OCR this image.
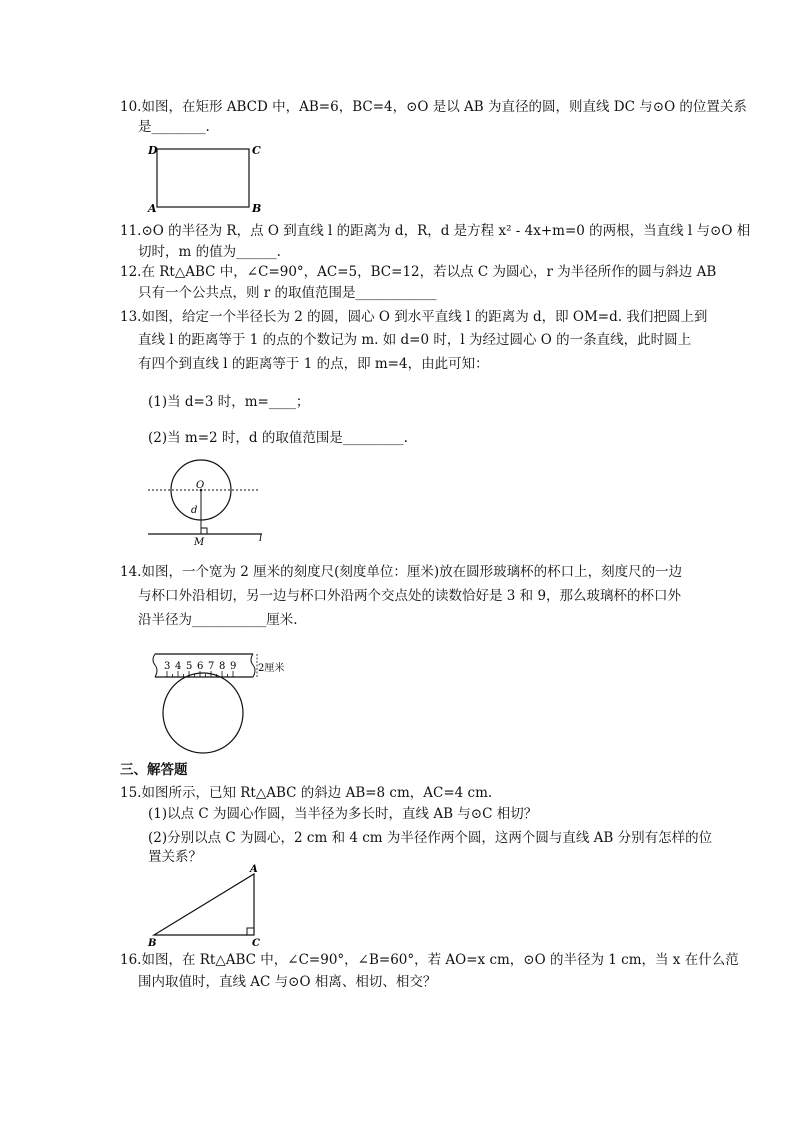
10.如图，在矩形 ABCD 中，AB=6，BC=4，⊙O 是以 AB 为直径的圆，则直线 DC 与⊙O 的位置关系
是________.
D	C
A	B
11.⊙O 的半径为 R，点 O 到直线 l 的距离为 d，R，d 是方程 x² - 4x+m=0 的两根，当直线 l 与⊙O 相
切时，m 的值为______.
12.在 Rt△ABC 中，∠C=90°，AC=5，BC=12，若以点 C 为圆心，r 为半径所作的圆与斜边 AB
只有一个公共点，则 r 的取值范围是____________
13.如图，给定一个半径长为 2 的圆，圆心 O 到水平直线 l 的距离为 d，即 OM=d. 我们把圆上到
直线 l 的距离等于 1 的点的个数记为 m. 如 d=0 时，l 为经过圆心 O 的一条直线，此时圆上
有四个到直线 l 的距离等于 1 的点，即 m=4，由此可知：
(1)当 d=3 时，m=____；
(2)当 m=2 时，d 的取值范围是_________.
O
d
M	l
14.如图，一个宽为 2 厘米的刻度尺(刻度单位：厘米)放在圆形玻璃杯的杯口上，刻度尺的一边
与杯口外沿相切，另一边与杯口外沿两个交点处的读数恰好是 3 和 9，那么玻璃杯的杯口外
沿半径为___________厘米.
3 4 5 6 7 8 9 2厘米
三、解答题
15.如图所示，已知 Rt△ABC 的斜边 AB=8 cm，AC=4 cm.
(1)以点 C 为圆心作圆，当半径为多长时，直线 AB 与⊙C 相切？
(2)分别以点 C 为圆心，2 cm 和 4 cm 为半径作两个圆，这两个圆与直线 AB 分别有怎样的位
置关系？
A
B	C
16.如图，在 Rt△ABC 中，∠C=90°，∠B=60°，若 AO=x cm，⊙O 的半径为 1 cm，当 x 在什么范
围内取值时，直线 AC 与⊙O 相离、相切、相交？
